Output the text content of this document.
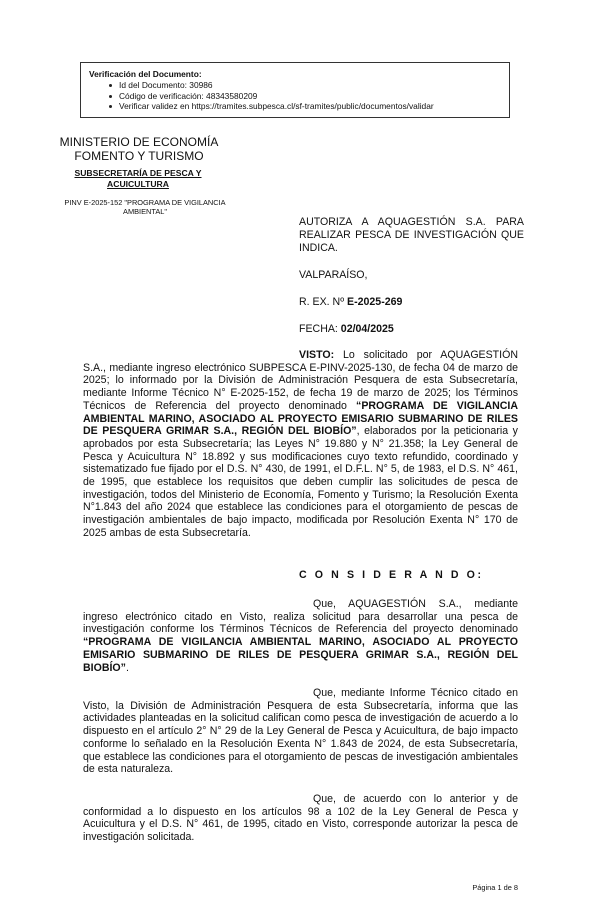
Verificación del Documento:
Id del Documento: 30986
Código de verificación: 48343580209
Verificar validez en https://tramites.subpesca.cl/sf-tramites/public/documentos/validar
MINISTERIO DE ECONOMÍA
FOMENTO Y TURISMO
SUBSECRETARÍA DE PESCA Y ACUICULTURA
PINV E-2025-152 "PROGRAMA DE VIGILANCIA AMBIENTAL"
AUTORIZA A AQUAGESTIÓN S.A. PARA REALIZAR PESCA DE INVESTIGACIÓN QUE INDICA.
VALPARAÍSO,
R. EX. Nº E-2025-269
FECHA: 02/04/2025
VISTO: Lo solicitado por AQUAGESTIÓN S.A., mediante ingreso electrónico SUBPESCA E-PINV-2025-130, de fecha 04 de marzo de 2025; lo informado por la División de Administración Pesquera de esta Subsecretaría, mediante Informe Técnico N° E-2025-152, de fecha 19 de marzo de 2025; los Términos Técnicos de Referencia del proyecto denominado “PROGRAMA DE VIGILANCIA AMBIENTAL MARINO, ASOCIADO AL PROYECTO EMISARIO SUBMARINO DE RILES DE PESQUERA GRIMAR S.A., REGIÓN DEL BIOBÍO”, elaborados por la peticionaria y aprobados por esta Subsecretaría; las Leyes N° 19.880 y N° 21.358; la Ley General de Pesca y Acuicultura N° 18.892 y sus modificaciones cuyo texto refundido, coordinado y sistematizado fue fijado por el D.S. N° 430, de 1991, el D.F.L. N° 5, de 1983, el D.S. N° 461, de 1995, que establece los requisitos que deben cumplir las solicitudes de pesca de investigación, todos del Ministerio de Economía, Fomento y Turismo; la Resolución Exenta N°1.843 del año 2024 que establece las condiciones para el otorgamiento de pescas de investigación ambientales de bajo impacto, modificada por Resolución Exenta N° 170 de 2025 ambas de esta Subsecretaría.
C O N S I D E R A N D O:
Que, AQUAGESTIÓN S.A., mediante ingreso electrónico citado en Visto, realiza solicitud para desarrollar una pesca de investigación conforme los Términos Técnicos de Referencia del proyecto denominado “PROGRAMA DE VIGILANCIA AMBIENTAL MARINO, ASOCIADO AL PROYECTO EMISARIO SUBMARINO DE RILES DE PESQUERA GRIMAR S.A., REGIÓN DEL BIOBÍO”.
Que, mediante Informe Técnico citado en Visto, la División de Administración Pesquera de esta Subsecretaría, informa que las actividades planteadas en la solicitud califican como pesca de investigación de acuerdo a lo dispuesto en el artículo 2° N° 29 de la Ley General de Pesca y Acuicultura, de bajo impacto conforme lo señalado en la Resolución Exenta N° 1.843 de 2024, de esta Subsecretaría, que establece las condiciones para el otorgamiento de pescas de investigación ambientales de esta naturaleza.
Que, de acuerdo con lo anterior y de conformidad a lo dispuesto en los artículos 98 a 102 de la Ley General de Pesca y Acuicultura y el D.S. N° 461, de 1995, citado en Visto, corresponde autorizar la pesca de investigación solicitada.
Página 1 de 8
